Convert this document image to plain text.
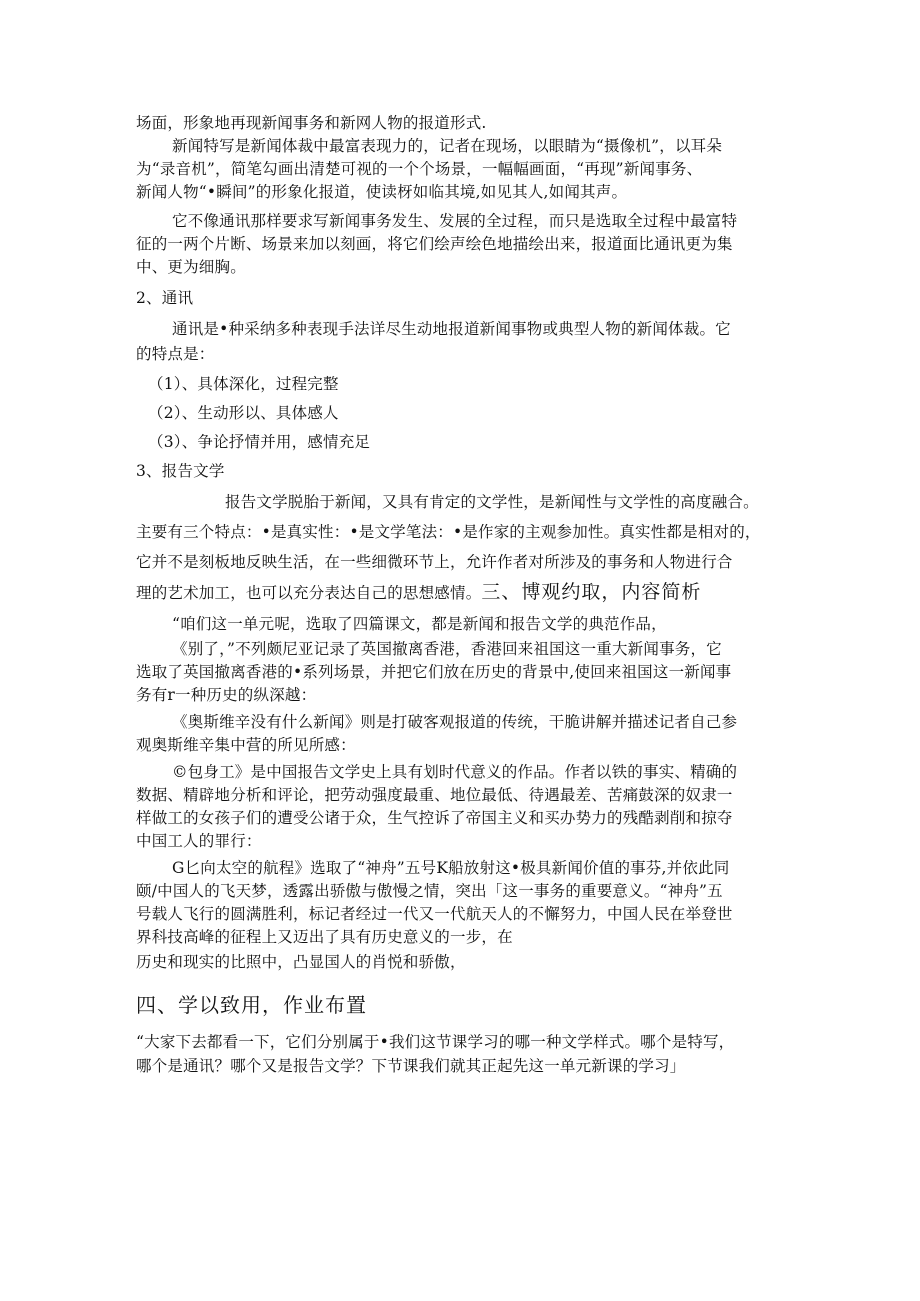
场面，形象地再现新闻事务和新网人物的报道形式.
新闻特写是新闻体裁中最富表现力的，记者在现场，以眼睛为“摄像机”，以耳朵
为“录音机”，简笔勾画出清楚可视的一个个场景，一幅幅画面，“再现”新闻事务、
新闻人物“•瞬间”的形象化报道，使读枒如临其境,如见其人,如闻其声。
它不像通讯那样要求写新闻事务发生、发展的全过程，而只是选取全过程中最富特
征的一两个片断、场景来加以刻画，将它们绘声绘色地描绘出来，报道面比通讯更为集
中、更为细胸。
2、通讯
通讯是•种采纳多种表现手法详尽生动地报道新闻事物或典型人物的新闻体裁。它
的特点是：
（1）、具体深化，过程完整
（2）、生动形以、具体感人
（3）、争论抒情并用，感情充足
3、报告文学
报告文学脱胎于新闻，又具有肯定的文学性，是新闻性与文学性的高度融合。
主要有三个特点：•是真实性：•是文学笔法：•是作家的主观参加性。真实性都是相对的，
它并不是刻板地反映生活，在一些细微环节上，允许作者对所涉及的事务和人物进行合
理的艺术加工，也可以充分表达自己的思想感情。三、博观约取，内容简析
“咱们这一单元呢，选取了四篇课文，都是新闻和报告文学的典范作品，
《别了，”不列颇尼亚记录了英国撤离香港，香港回来祖国这一重大新闻事务，它
选取了英国撤离香港的•系列场景，并把它们放在历史的背景中,使回来祖国这一新闻事
务有r一种历史的纵深越：
《奥斯维辛没有什么新闻》则是打破客观报道的传统，干脆讲解并描述记者自己参
观奥斯维辛集中营的所见所感：
©包身工》是中国报告文学史上具有划时代意义的作品。作者以铁的事实、精确的
数据、精辟地分析和评论，把劳动强度最重、地位最低、待遇最差、苦痛鼓深的奴隶一
样做工的女孩子们的遭受公诸于众，生气控诉了帝国主义和买办势力的残酷剥削和掠夺
中国工人的罪行：
G匕向太空的航程》选取了“神舟”五号K船放射这•极具新闻价值的事芬,并依此同
颐/中国人的飞天梦，透露出骄傲与傲慢之情，突出「这一事务的重要意义。“神舟”五
号载人飞行的圆满胜利，标记者经过一代又一代航天人的不懈努力，中国人民在举登世
界科技高峰的征程上又迈出了具有历史意义的一步，在
历史和现实的比照中，凸显国人的肖悦和骄傲，
四、学以致用，作业布置
“大家下去都看一下，它们分别属于•我们这节课学习的哪一种文学样式。哪个是特写，
哪个是通讯？哪个又是报告文学？下节课我们就其正起先这一单元新课的学习」
